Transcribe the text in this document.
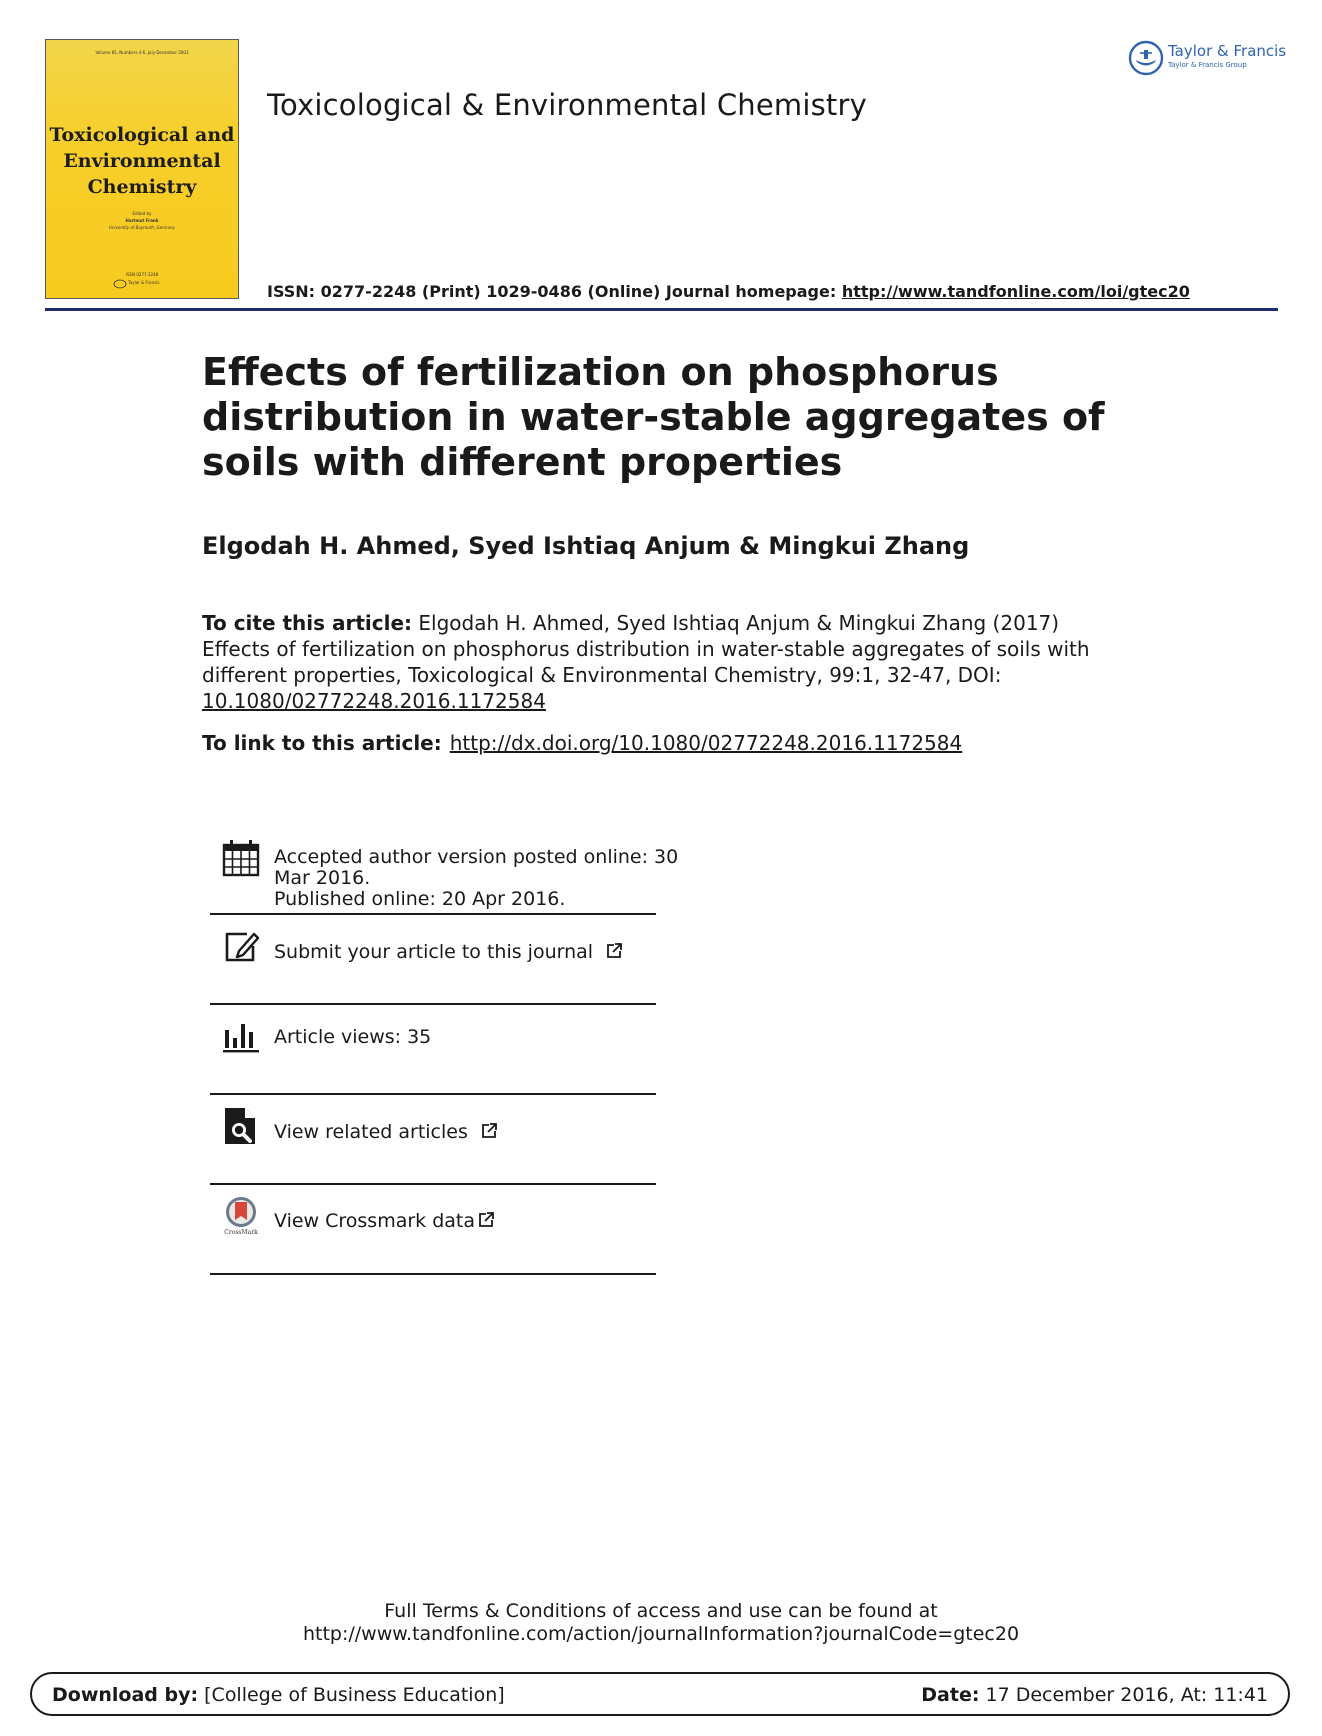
Volume 85, Numbers 4-6, July-December 2003
Toxicological and
Environmental
Chemistry
Edited by
Hartmut Frank
University of Bayreuth, Germany
ISSN 0277-2248
Taylor & Francis
Toxicological & Environmental Chemistry
Taylor & Francis
Taylor & Francis Group
ISSN: 0277-2248 (Print) 1029-0486 (Online) Journal homepage: http://www.tandfonline.com/loi/gtec20
Effects of fertilization on phosphorus distribution in water-stable aggregates of soils with different properties
Elgodah H. Ahmed, Syed Ishtiaq Anjum & Mingkui Zhang
To cite this article: Elgodah H. Ahmed, Syed Ishtiaq Anjum & Mingkui Zhang (2017) Effects of fertilization on phosphorus distribution in water-stable aggregates of soils with different properties, Toxicological & Environmental Chemistry, 99:1, 32-47, DOI: 10.1080/02772248.2016.1172584
To link to this article: http://dx.doi.org/10.1080/02772248.2016.1172584
Accepted author version posted online: 30
Mar 2016.
Published online: 20 Apr 2016.
Submit your article to this journal
Article views: 35
View related articles
CrossMark
View Crossmark data
Full Terms & Conditions of access and use can be found at
http://www.tandfonline.com/action/journalInformation?journalCode=gtec20
Download by: [College of Business Education]	Date: 17 December 2016, At: 11:41
